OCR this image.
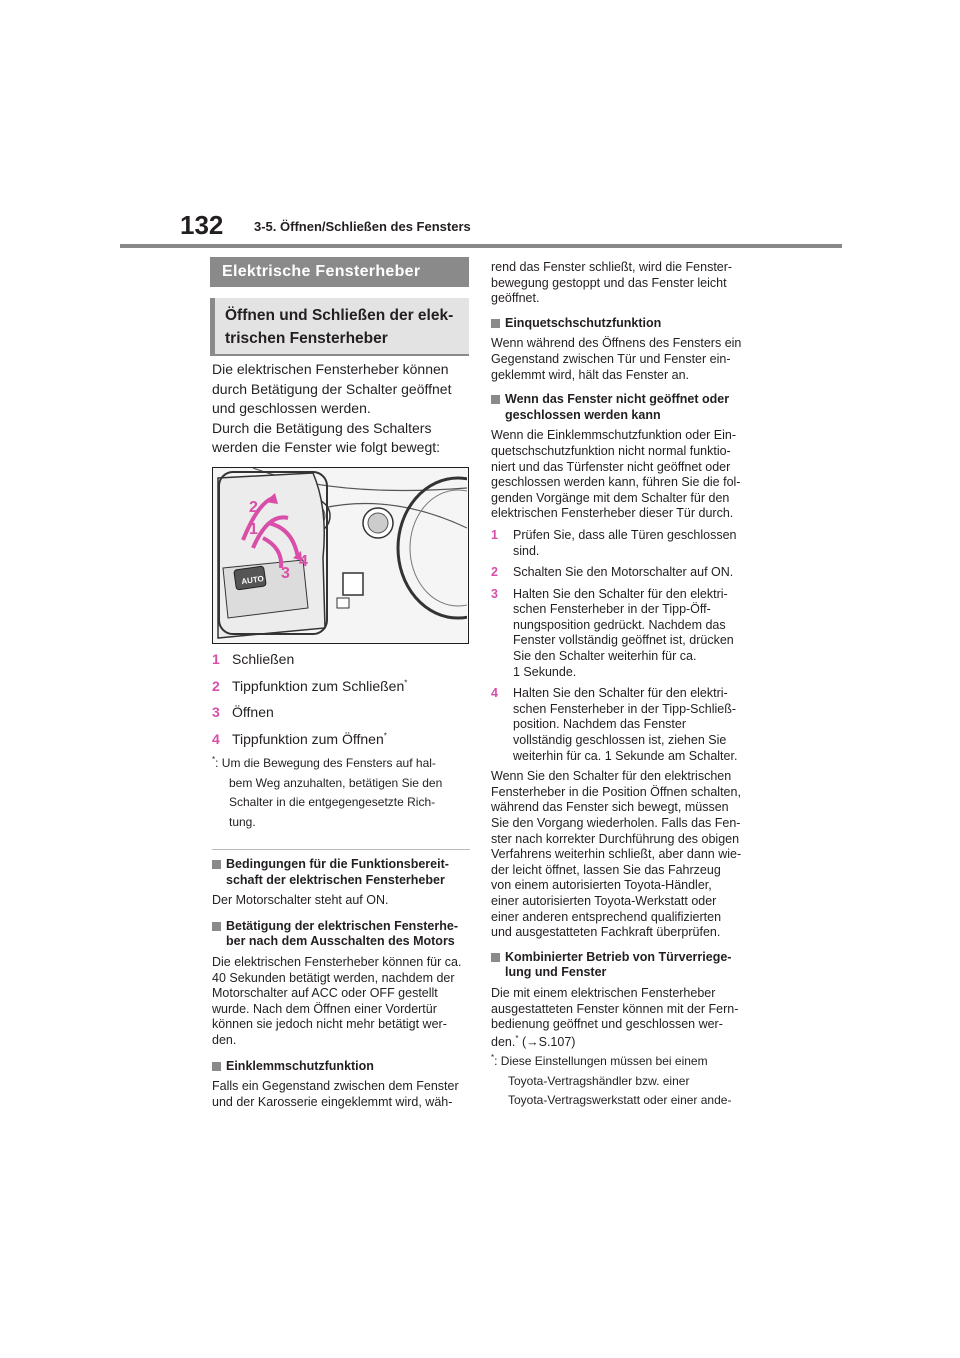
132 3-5. Öffnen/Schließen des Fensters
Elektrische Fensterheber
Öffnen und Schließen der elek-
trischen Fensterheber

Die elektrischen Fensterheber können

durch Betätigung der Schalter geöffnet

und geschlossen werden.

Durch die Betätigung des Schalters

werden die Fenster wie folgt bewegt:

AUTO
2
1
3
4
1 Schließen
2 Tippfunktion zum Schließen*
3 Öffnen
4 Tippfunktion zum Öffnen*
*: Um die Bewegung des Fensters auf hal-
bem Weg anzuhalten, betätigen Sie den
Schalter in die entgegengesetzte Rich-
tung.

Bedingungen für die Funktionsbereit-

schaft der elektrischen Fensterheber

Der Motorschalter steht auf ON.

Betätigung der elektrischen Fensterhe-

ber nach dem Ausschalten des Motors

Die elektrischen Fensterheber können für ca.

40 Sekunden betätigt werden, nachdem der

Motorschalter auf ACC oder OFF gestellt

wurde. Nach dem Öffnen einer Vordertür

können sie jedoch nicht mehr betätigt wer-

den.

Einklemmschutzfunktion

Falls ein Gegenstand zwischen dem Fenster

und der Karosserie eingeklemmt wird, wäh-

rend das Fenster schließt, wird die Fenster-

bewegung gestoppt und das Fenster leicht

geöffnet.

Einquetschschutzfunktion

Wenn während des Öffnens des Fensters ein

Gegenstand zwischen Tür und Fenster ein-

geklemmt wird, hält das Fenster an.

Wenn das Fenster nicht geöffnet oder

geschlossen werden kann

Wenn die Einklemmschutzfunktion oder Ein-

quetschschutzfunktion nicht normal funktio-

niert und das Türfenster nicht geöffnet oder

geschlossen werden kann, führen Sie die fol-

genden Vorgänge mit dem Schalter für den

elektrischen Fensterheber dieser Tür durch.

1 Prüfen Sie, dass alle Türen geschlossen

sind.

2 Schalten Sie den Motorschalter auf ON.

3 Halten Sie den Schalter für den elektri-

schen Fensterheber in der Tipp-Öff-

nungsposition gedrückt. Nachdem das

Fenster vollständig geöffnet ist, drücken

Sie den Schalter weiterhin für ca.

1 Sekunde.

4 Halten Sie den Schalter für den elektri-

schen Fensterheber in der Tipp-Schließ-

position. Nachdem das Fenster

vollständig geschlossen ist, ziehen Sie

weiterhin für ca. 1 Sekunde am Schalter.

Wenn Sie den Schalter für den elektrischen

Fensterheber in die Position Öffnen schalten,

während das Fenster sich bewegt, müssen

Sie den Vorgang wiederholen. Falls das Fen-

ster nach korrekter Durchführung des obigen

Verfahrens weiterhin schließt, aber dann wie-

der leicht öffnet, lassen Sie das Fahrzeug

von einem autorisierten Toyota-Händler,

einer autorisierten Toyota-Werkstatt oder

einer anderen entsprechend qualifizierten

und ausgestatteten Fachkraft überprüfen.

Kombinierter Betrieb von Türverriege-

lung und Fenster

Die mit einem elektrischen Fensterheber

ausgestatteten Fenster können mit der Fern-

bedienung geöffnet und geschlossen wer-

den.* (→S.107)

*: Diese Einstellungen müssen bei einem
Toyota-Vertragshändler bzw. einer
Toyota-Vertragswerkstatt oder einer ande-
